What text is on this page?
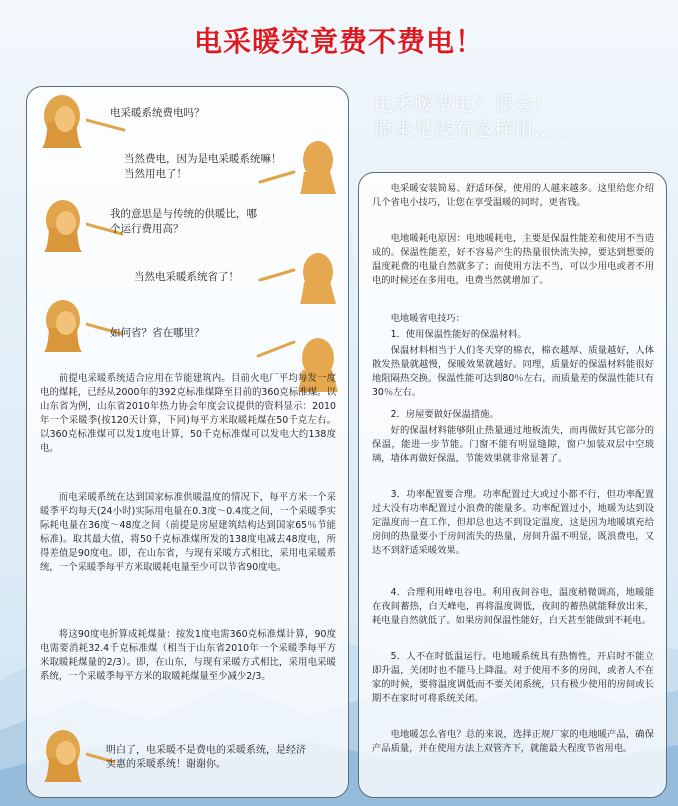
电采暖究竟费不费电！
电采暖费电？误会！
原来是没有这样用……
电采暖系统费电吗？
当然费电，因为是电采暖系统嘛！当然用电了！
我的意思是与传统的供暖比，哪个运行费用高？
当然电采暖系统省了！
如何省？省在哪里？
前提电采暖系统适合应用在节能建筑内。目前火电厂平均每发一度电的煤耗，已经从2000年的392克标准煤降至目前的360克标准煤。以山东省为例，山东省2010年热力协会年度会议提供的资料显示：2010年一个采暖季(按120天计算，下同)每平方米取暖耗煤在50千克左右。以360克标准煤可以发1度电计算，50千克标准煤可以发电大约138度电。
而电采暖系统在达到国家标准供暖温度的情况下，每平方米一个采暖季平均每天(24小时)实际用电量在0.3度～0.4度之间，一个采暖季实际耗电量在36度～48度之间（前提是房屋建筑结构达到国家65％节能标准)。取其最大值，将50千克标准煤所发的138度电减去48度电，所得差值是90度电。即，在山东省，与现有采暖方式相比，采用电采暖系统，一个采暖季每平方米取暖耗电量至少可以节省90度电。
将这90度电折算成耗煤量：按发1度电需360克标准煤计算，90度电需要消耗32.4千克标准煤（相当于山东省2010年一个采暖季每平方米取暖耗煤量的2/3）。即，在山东，与现有采暖方式相比，采用电采暖系统，一个采暖季每平方米的取暖耗煤量至少减少2/3。
明白了，电采暖不是费电的采暖系统，是经济实惠的采暖系统！谢谢你。
电采暖安装简易、舒适环保，使用的人越来越多。这里给您介绍几个省电小技巧，让您在享受温暖的同时，更省钱。
电地暖耗电原因：电地暖耗电，主要是保温性能差和使用不当造成的。保温性能差，好不容易产生的热量很快流失掉，要达到想要的温度耗费的电量自然就多了；而使用方法不当，可以少用电或者不用电的时候还在多用电，电费当然就增加了。
电地暖省电技巧：
1．使用保温性能好的保温材料。
保温材料相当于人们冬天穿的棉衣，棉衣越厚、质量越好，人体散发热量就越慢，保暖效果就越好。同理，质量好的保温材料能很好地阻隔热交换。保温性能可达到80％左右，而质量差的保温性能只有30％左右。
2．房屋要做好保温措施。
好的保温材料能够阻止热量通过地板流失，而再做好其它部分的保温，能进一步节能。门窗不能有明显缝隙，窗户加装双层中空玻璃，墙体再做好保温，节能效果就非常显著了。
3．功率配置要合理。功率配置过大或过小都不行，但功率配置过大没有功率配置过小浪费的能量多。功率配置过小，地暖为达到设定温度而一直工作，但却总也达不到设定温度，这是因为地暖填充给房间的热量要小于房间流失的热量，房间升温不明显，既浪费电，又达不到舒适采暖效果。
4．合理利用峰电谷电。利用夜间谷电，温度稍微调高，地暖能在夜间蓄热，白天峰电，再将温度调低，夜间的蓄热就能释放出来，耗电量自然就低了。如果房间保温性能好，白天甚至能做到不耗电。
5．人不在时低温运行。电地暖系统具有热惰性，开启时不能立即升温，关闭时也不能马上降温。对于使用不多的房间，或者人不在家的时候，要将温度调低而不要关闭系统，只有极少使用的房间或长期不在家时可将系统关闭。
电地暖怎么省电？总的来说，选择正规厂家的电地暖产品，确保产品质量，并在使用方法上双管齐下，就能最大程度节省用电。
